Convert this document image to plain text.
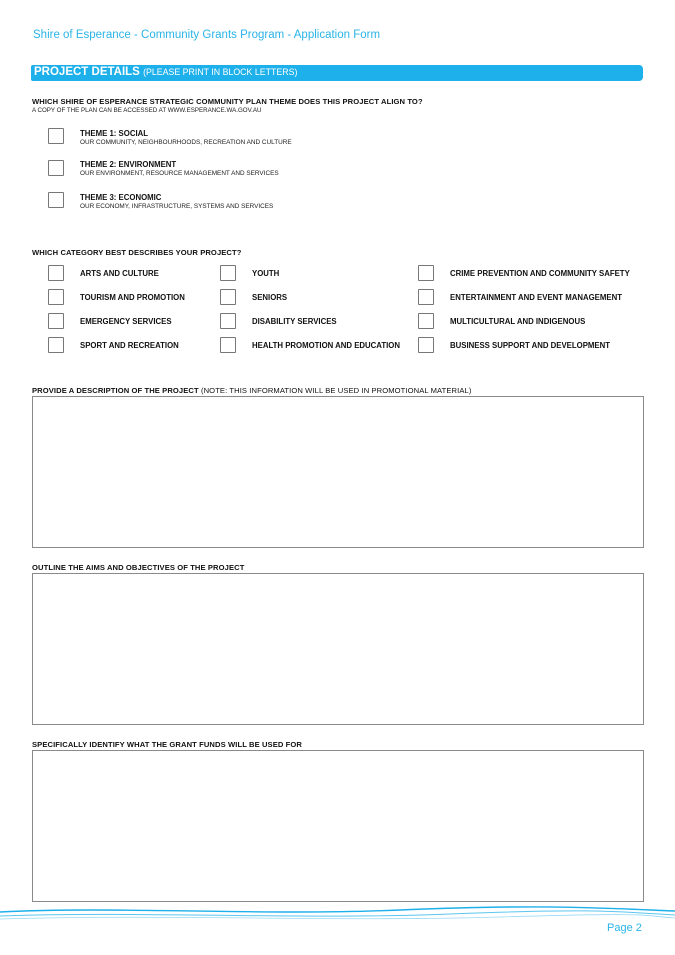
Shire of Esperance - Community Grants Program - Application Form
PROJECT DETAILS (PLEASE PRINT IN BLOCK LETTERS)
WHICH SHIRE OF ESPERANCE STRATEGIC COMMUNITY PLAN THEME DOES THIS PROJECT ALIGN TO?
A COPY OF THE PLAN CAN BE ACCESSED AT WWW.ESPERANCE.WA.GOV.AU
THEME 1: SOCIAL
OUR COMMUNITY, NEIGHBOURHOODS, RECREATION AND CULTURE
THEME 2: ENVIRONMENT
OUR ENVIRONMENT, RESOURCE MANAGEMENT AND SERVICES
THEME 3: ECONOMIC
OUR ECONOMY, INFRASTRUCTURE, SYSTEMS AND SERVICES
WHICH CATEGORY BEST DESCRIBES YOUR PROJECT?
ARTS AND CULTURE
TOURISM AND PROMOTION
EMERGENCY SERVICES
SPORT AND RECREATION
YOUTH
SENIORS
DISABILITY SERVICES
HEALTH PROMOTION AND EDUCATION
CRIME PREVENTION AND COMMUNITY SAFETY
ENTERTAINMENT AND EVENT MANAGEMENT
MULTICULTURAL AND INDIGENOUS
BUSINESS SUPPORT AND DEVELOPMENT
PROVIDE A DESCRIPTION OF THE PROJECT (NOTE: THIS INFORMATION WILL BE USED IN PROMOTIONAL MATERIAL)
OUTLINE THE AIMS AND OBJECTIVES OF THE PROJECT
SPECIFICALLY IDENTIFY WHAT THE GRANT FUNDS WILL BE USED FOR
Page 2
